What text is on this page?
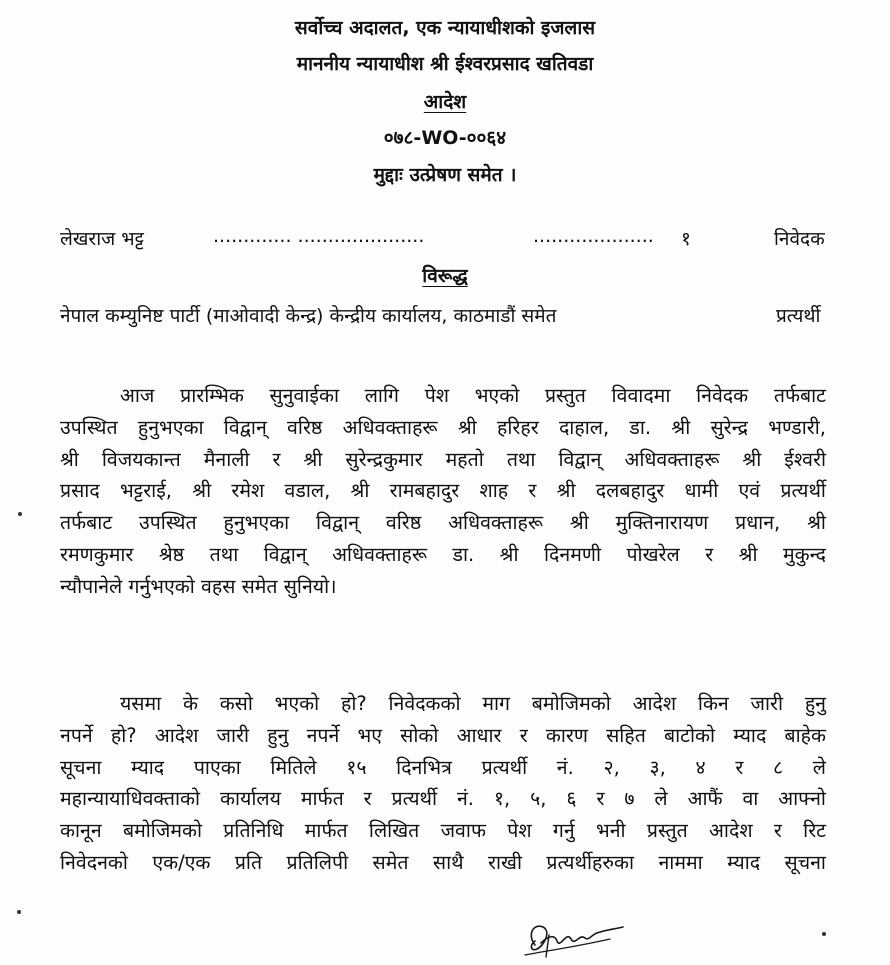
सर्वोच्च अदालत, एक न्यायाधीशको इजलास
माननीय न्यायाधीश श्री ईश्वरप्रसाद खतिवडा
आदेश
०७८-WO-००६४
मुद्दाः उत्प्रेषण समेत ।
लेखराज भट्ट	............. .....................	.................... १	निवेदक
विरूद्ध
नेपाल कम्युनिष्ट पार्टी (माओवादी केन्द्र) केन्द्रीय कार्यालय, काठमाडौं समेत	प्रत्यर्थी
आज प्रारम्भिक सुनुवाईका लागि पेश भएको प्रस्तुत विवादमा निवेदक तर्फबाट
उपस्थित हुनुभएका विद्वान् वरिष्ठ अधिवक्ताहरू श्री हरिहर दाहाल, डा. श्री सुरेन्द्र भण्डारी,
श्री विजयकान्त मैनाली र श्री सुरेन्द्रकुमार महतो तथा विद्वान् अधिवक्ताहरू श्री ईश्वरी
प्रसाद भट्टराई, श्री रमेश वडाल, श्री रामबहादुर शाह र श्री दलबहादुर धामी एवं प्रत्यर्थी
तर्फबाट उपस्थित हुनुभएका विद्वान् वरिष्ठ अधिवक्ताहरू श्री मुक्तिनारायण प्रधान, श्री
रमणकुमार श्रेष्ठ तथा विद्वान् अधिवक्ताहरू डा. श्री दिनमणी पोखरेल र श्री मुकुन्द
न्यौपानेले गर्नुभएको वहस समेत सुनियो।
यसमा के कसो भएको हो? निवेदकको माग बमोजिमको आदेश किन जारी हुनु
नपर्ने हो? आदेश जारी हुनु नपर्ने भए सोको आधार र कारण सहित बाटोको म्याद बाहेक
सूचना म्याद पाएका मितिले १५ दिनभित्र प्रत्यर्थी नं. २, ३, ४ र ८ ले
महान्यायाधिवक्ताको कार्यालय मार्फत र प्रत्यर्थी नं. १, ५, ६ र ७ ले आफैं वा आफ्नो
कानून बमोजिमको प्रतिनिधि मार्फत लिखित जवाफ पेश गर्नु भनी प्रस्तुत आदेश र रिट
निवेदनको एक/एक प्रति प्रतिलिपी समेत साथै राखी प्रत्यर्थीहरुका नाममा म्याद सूचना
